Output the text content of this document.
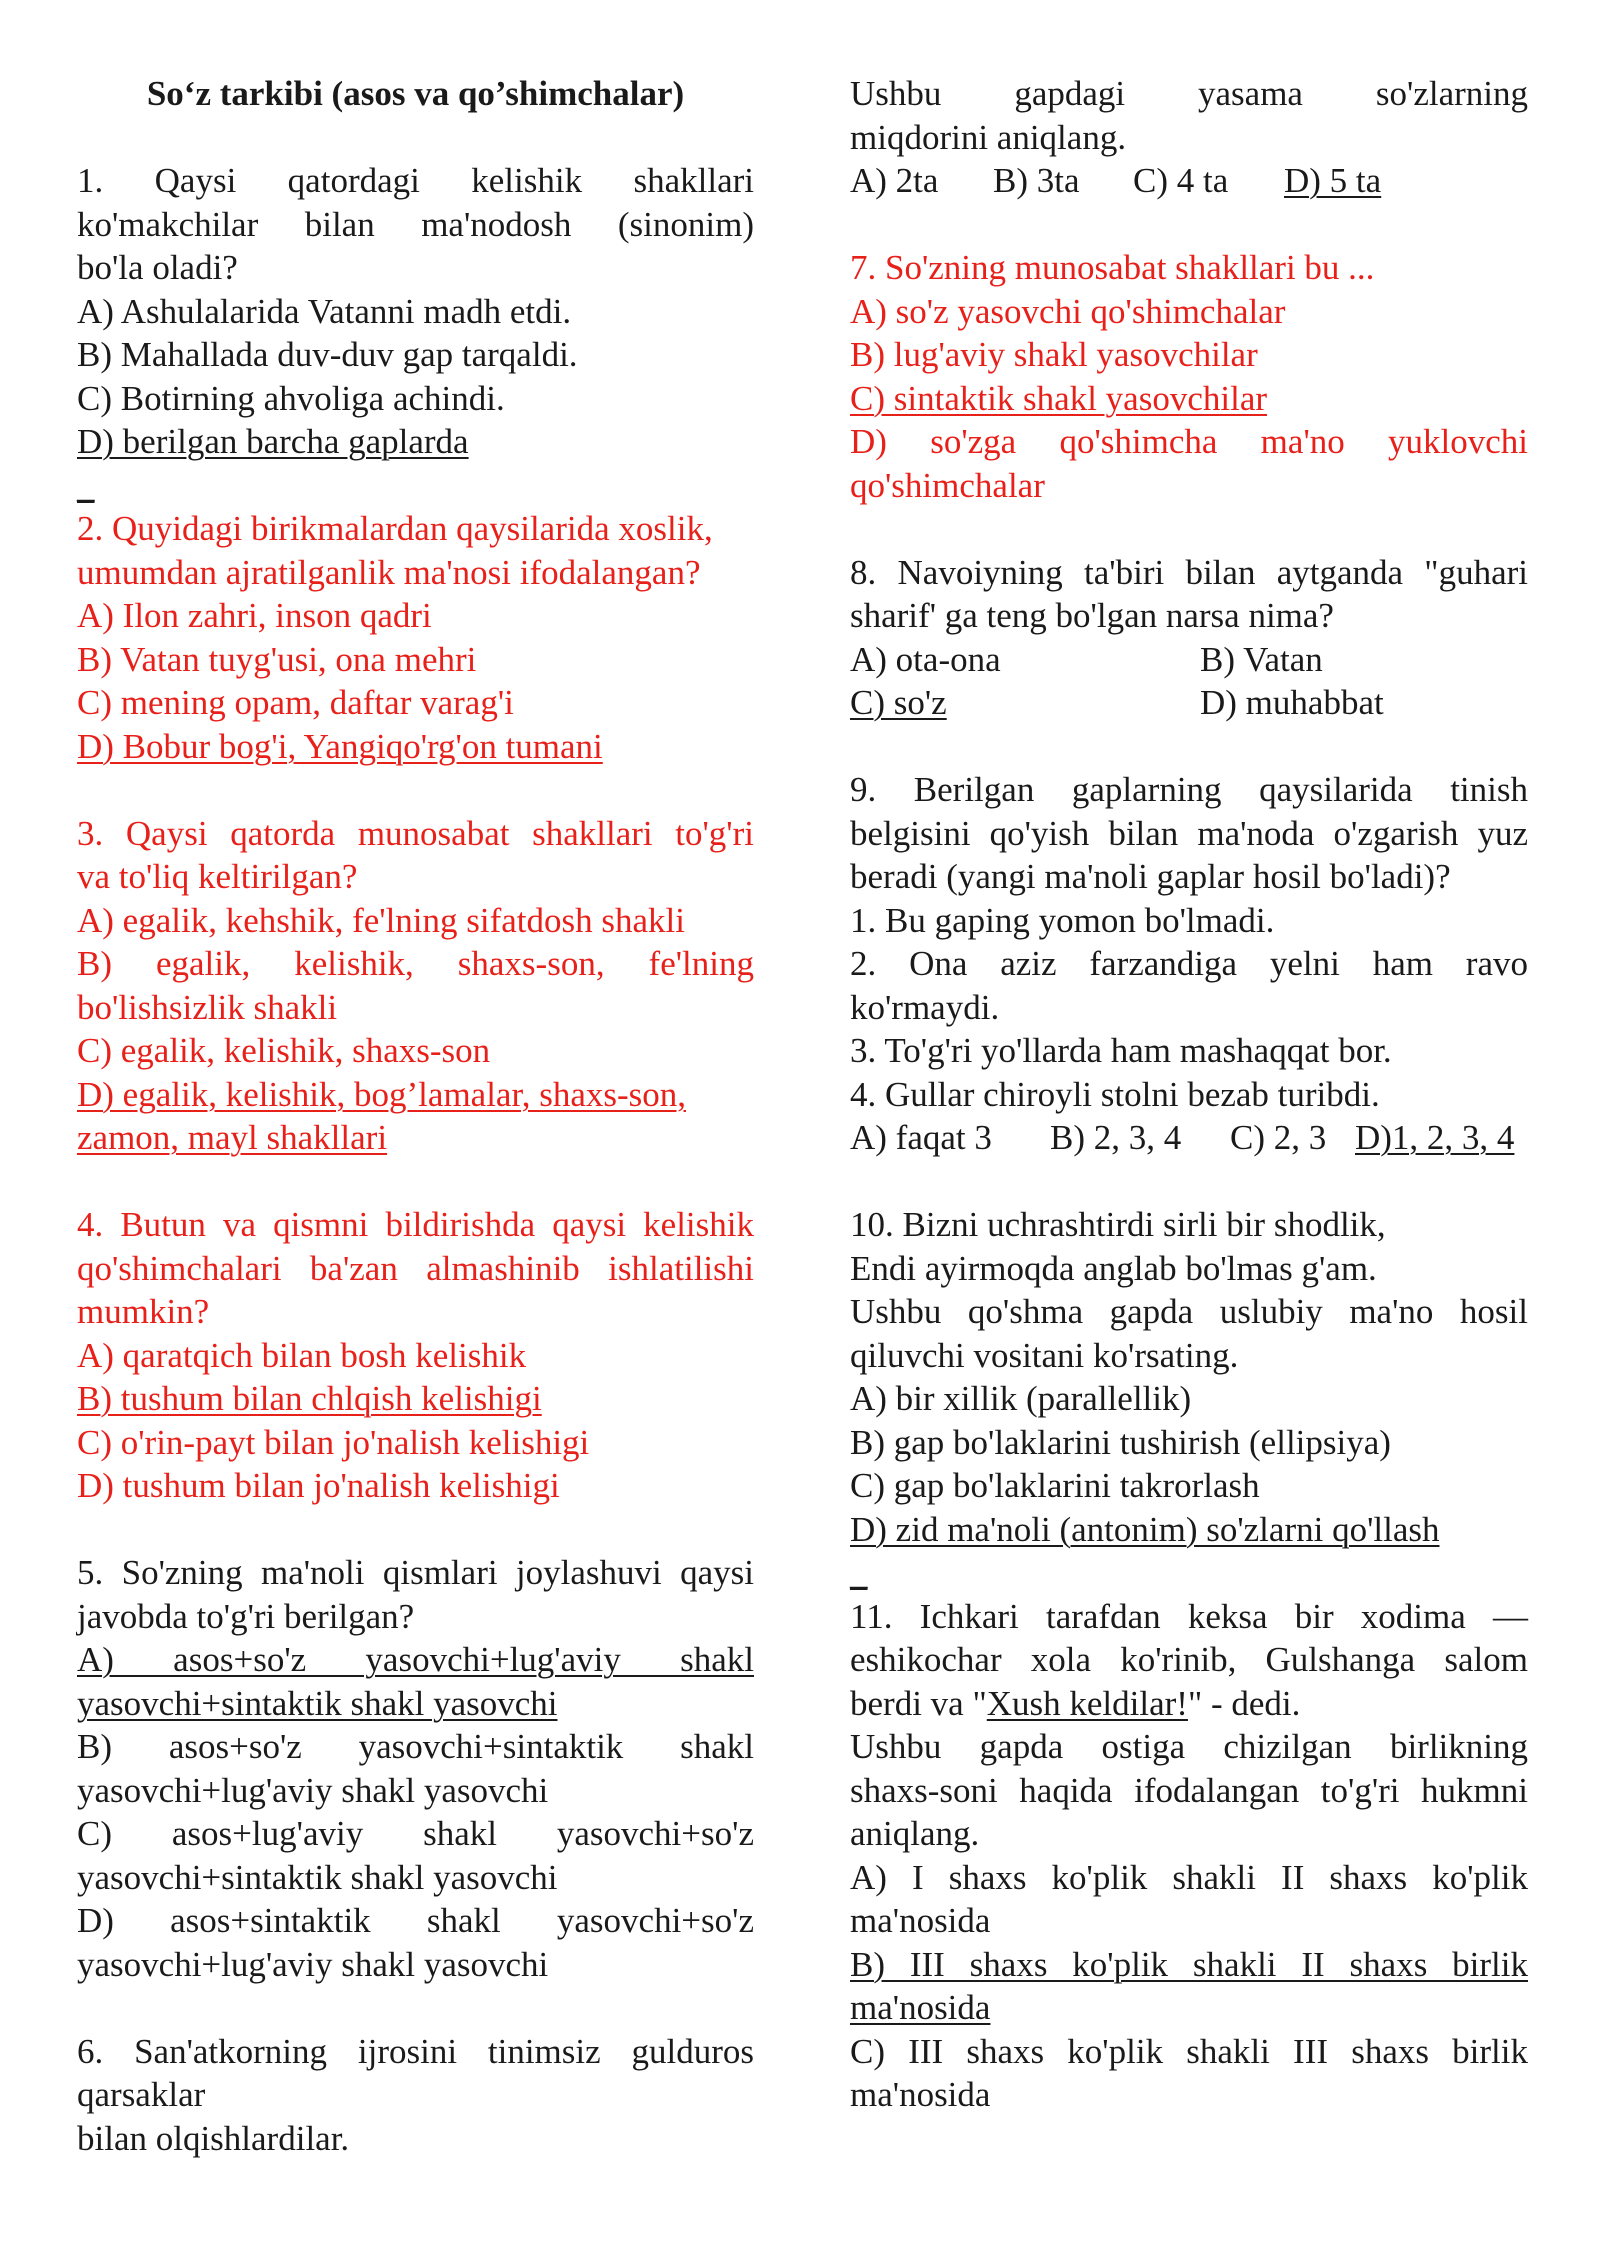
So‘z tarkibi (asos va qo’shimchalar)
1. Qaysi qatordagi kelishik shakllari
ko'makchilar bilan ma'nodosh (sinonim)
bo'la oladi?
A) Ashulalarida Vatanni madh etdi.
B) Mahallada duv-duv gap tarqaldi.
C) Botirning ahvoliga achindi.
D) berilgan barcha gaplarda
_
2. Quyidagi birikmalardan qaysilarida xoslik,
umumdan ajratilganlik ma'nosi ifodalangan?
A) Ilon zahri, inson qadri
B) Vatan tuyg'usi, ona mehri
C) mening opam, daftar varag'i
D) Bobur bog'i, Yangiqo'rg'on tumani
3. Qaysi qatorda munosabat shakllari to'g'ri
va to'liq keltirilgan?
A) egalik, kehshik, fe'lning sifatdosh shakli
B) egalik, kelishik, shaxs-son, fe'lning
bo'lishsizlik shakli
C) egalik, kelishik, shaxs-son
D) egalik, kelishik, bog’lamalar, shaxs-son,
zamon, mayl shakllari
4. Butun va qismni bildirishda qaysi kelishik
qo'shimchalari ba'zan almashinib ishlatilishi
mumkin?
A) qaratqich bilan bosh kelishik
B) tushum bilan chlqish kelishigi
C) o'rin-payt bilan jo'nalish kelishigi
D) tushum bilan jo'nalish kelishigi
5. So'zning ma'noli qismlari joylashuvi qaysi
javobda to'g'ri berilgan?
A) asos+so'z yasovchi+lug'aviy shakl
yasovchi+sintaktik shakl yasovchi
B) asos+so'z yasovchi+sintaktik shakl
yasovchi+lug'aviy shakl yasovchi
C) asos+lug'aviy shakl yasovchi+so'z
yasovchi+sintaktik shakl yasovchi
D) asos+sintaktik shakl yasovchi+so'z
yasovchi+lug'aviy shakl yasovchi
6. San'atkorning ijrosini tinimsiz gulduros
qarsaklar
bilan olqishlardilar.
Ushbu gapdagi yasama so'zlarning
miqdorini aniqlang.
A) 2ta	B) 3ta	C) 4 ta	D) 5 ta
7. So'zning munosabat shakllari bu ...
A) so'z yasovchi qo'shimchalar
B) lug'aviy shakl yasovchilar
C) sintaktik shakl yasovchilar
D) so'zga qo'shimcha ma'no yuklovchi
qo'shimchalar
8. Navoiyning ta'biri bilan aytganda "guhari
sharif' ga teng bo'lgan narsa nima?
A) ota-ona	B) Vatan
C) so'z	D) muhabbat
9. Berilgan gaplarning qaysilarida tinish
belgisini qo'yish bilan ma'noda o'zgarish yuz
beradi (yangi ma'noli gaplar hosil bo'ladi)?
1. Bu gaping yomon bo'lmadi.
2. Ona aziz farzandiga yelni ham ravo
ko'rmaydi.
3. To'g'ri yo'llarda ham mashaqqat bor.
4. Gullar chiroyli stolni bezab turibdi.
A) faqat 3	B) 2, 3, 4	C) 2, 3 D)1, 2, 3, 4
10. Bizni uchrashtirdi sirli bir shodlik,
Endi ayirmoqda anglab bo'lmas g'am.
Ushbu qo'shma gapda uslubiy ma'no hosil
qiluvchi vositani ko'rsating.
A) bir xillik (parallellik)
B) gap bo'laklarini tushirish (ellipsiya)
C) gap bo'laklarini takrorlash
D) zid ma'noli (antonim) so'zlarni qo'llash
_
11. Ichkari tarafdan keksa bir xodima —
eshikochar xola ko'rinib, Gulshanga salom
berdi va "Xush keldilar!" - dedi.
Ushbu gapda ostiga chizilgan birlikning
shaxs-soni haqida ifodalangan to'g'ri hukmni
aniqlang.
A) I shaxs ko'plik shakli II shaxs ko'plik
ma'nosida
B) III shaxs ko'plik shakli II shaxs birlik
ma'nosida
C) III shaxs ko'plik shakli III shaxs birlik
ma'nosida
